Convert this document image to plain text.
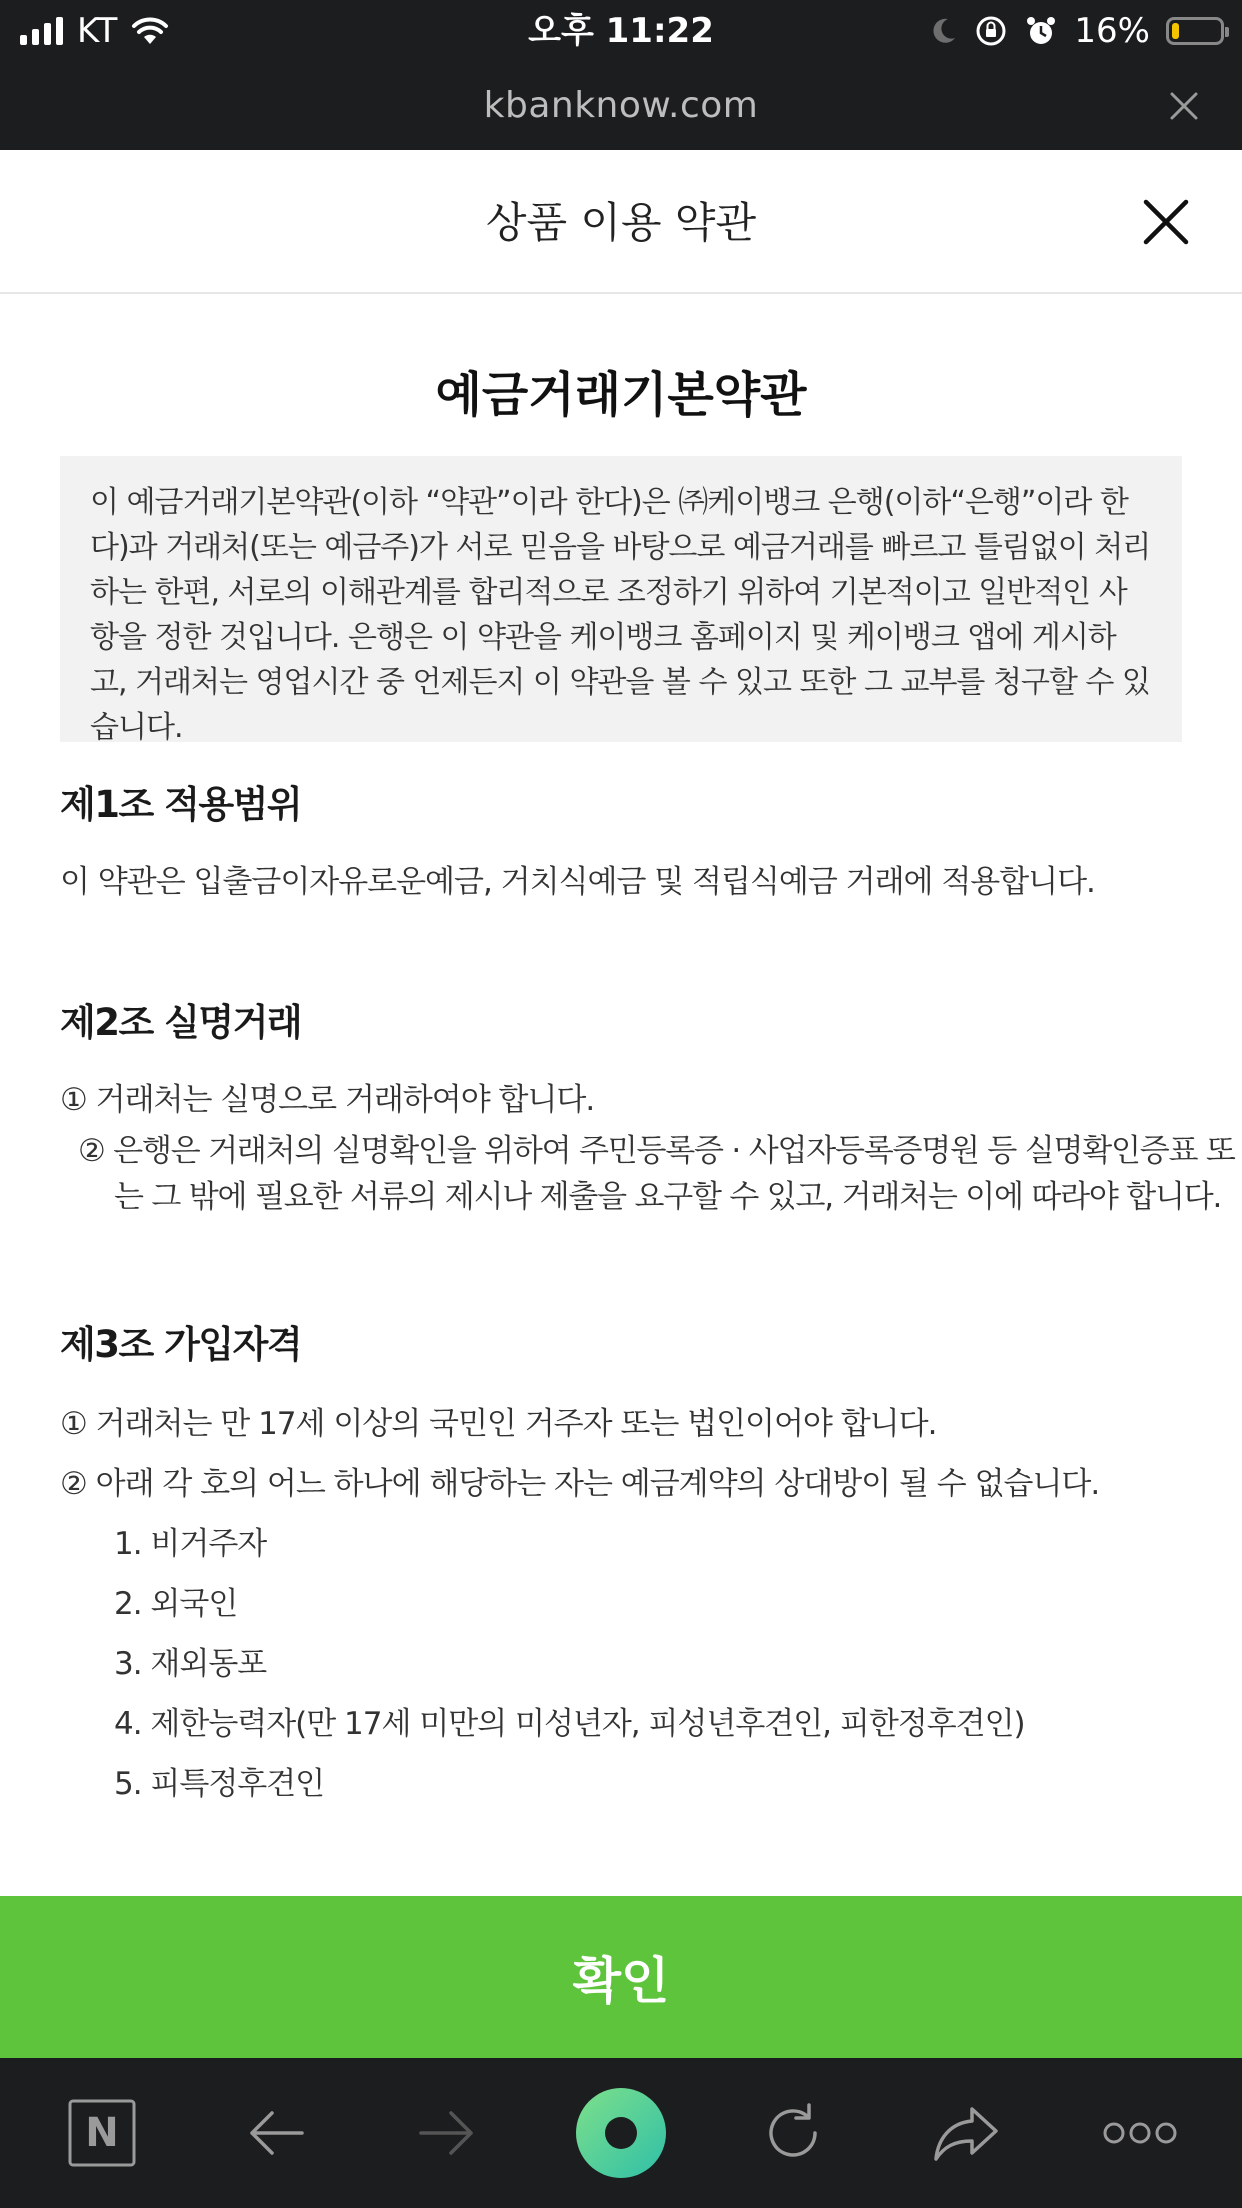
KT	오후 11:22	16%
kbanknow.com
상품 이용 약관
예금거래기본약관

이 예금거래기본약관(이하 “약관”이라 한다)은 ㈜케이뱅크 은행(이하“은행”이라 한다)과 거래처(또는 예금주)가 서로 믿음을 바탕으로 예금거래를 빠르고 틀림없이 처리하는 한편, 서로의 이해관계를 합리적으로 조정하기 위하여 기본적이고 일반적인 사항을 정한 것입니다. 은행은 이 약관을 케이뱅크 홈페이지 및 케이뱅크 앱에 게시하고, 거래처는 영업시간 중 언제든지 이 약관을 볼 수 있고 또한 그 교부를 청구할 수 있습니다.

제1조 적용범위
이 약관은 입출금이자유로운예금, 거치식예금 및 적립식예금 거래에 적용합니다.
제2조 실명거래
① 거래처는 실명으로 거래하여야 합니다.
② 은행은 거래처의 실명확인을 위하여 주민등록증 · 사업자등록증명원 등 실명확인증표 또는 그 밖에 필요한 서류의 제시나 제출을 요구할 수 있고, 거래처는 이에 따라야 합니다.
제3조 가입자격
① 거래처는 만 17세 이상의 국민인 거주자 또는 법인이어야 합니다.
② 아래 각 호의 어느 하나에 해당하는 자는 예금계약의 상대방이 될 수 없습니다.
1. 비거주자
2. 외국인
3. 재외동포
4. 제한능력자(만 17세 미만의 미성년자, 피성년후견인, 피한정후견인)
5. 피특정후견인
확인
N
